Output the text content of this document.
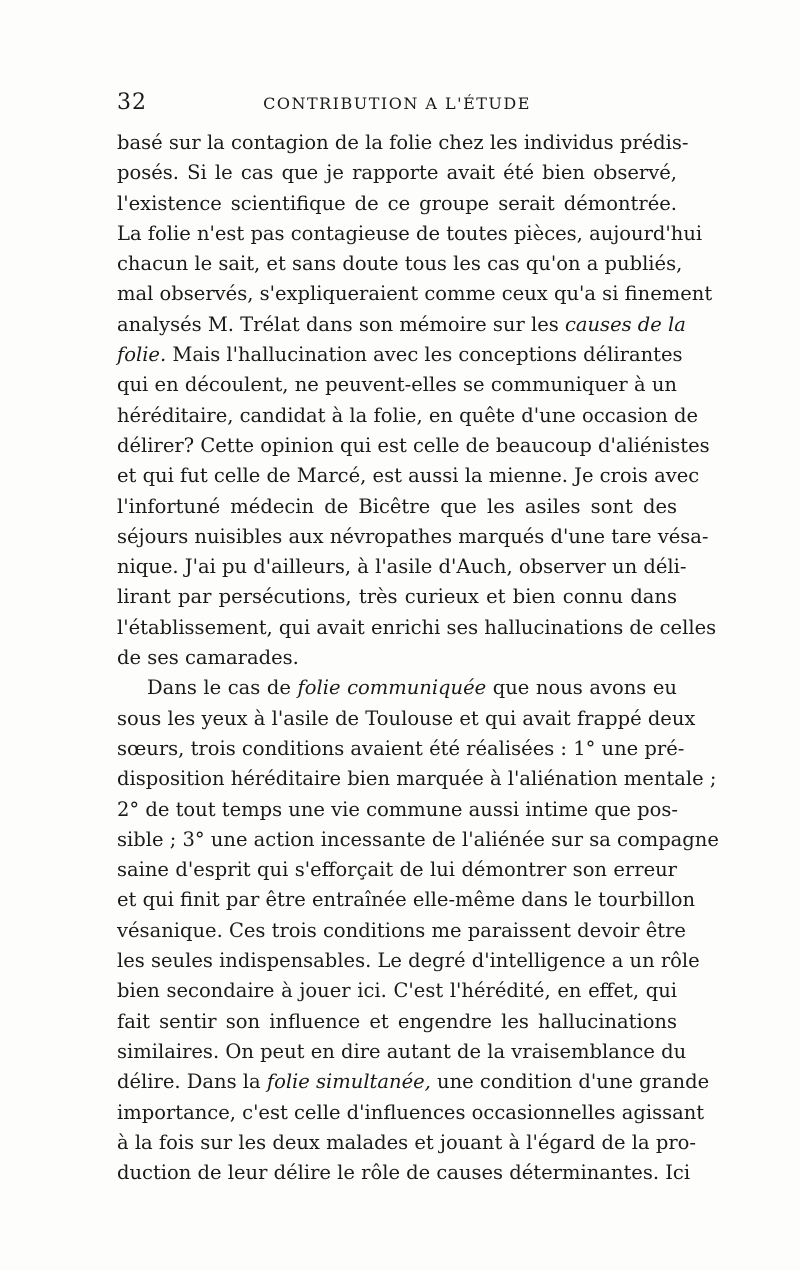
32	CONTRIBUTION A L'ÉTUDE
basé sur la contagion de la folie chez les individus prédis-
posés. Si le cas que je rapporte avait été bien observé,
l'existence scientifique de ce groupe serait démontrée.
La folie n'est pas contagieuse de toutes pièces, aujourd'hui
chacun le sait, et sans doute tous les cas qu'on a publiés,
mal observés, s'expliqueraient comme ceux qu'a si finement
analysés M. Trélat dans son mémoire sur les causes de la
folie. Mais l'hallucination avec les conceptions délirantes
qui en découlent, ne peuvent-elles se communiquer à un
héréditaire, candidat à la folie, en quête d'une occasion de
délirer? Cette opinion qui est celle de beaucoup d'aliénistes
et qui fut celle de Marcé, est aussi la mienne. Je crois avec
l'infortuné médecin de Bicêtre que les asiles sont des
séjours nuisibles aux névropathes marqués d'une tare vésa-
nique. J'ai pu d'ailleurs, à l'asile d'Auch, observer un déli-
lirant par persécutions, très curieux et bien connu dans
l'établissement, qui avait enrichi ses hallucinations de celles
de ses camarades.
Dans le cas de folie communiquée que nous avons eu
sous les yeux à l'asile de Toulouse et qui avait frappé deux
sœurs, trois conditions avaient été réalisées : 1° une pré-
disposition héréditaire bien marquée à l'aliénation mentale ;
2° de tout temps une vie commune aussi intime que pos-
sible ; 3° une action incessante de l'aliénée sur sa compagne
saine d'esprit qui s'efforçait de lui démontrer son erreur
et qui finit par être entraînée elle-même dans le tourbillon
vésanique. Ces trois conditions me paraissent devoir être
les seules indispensables. Le degré d'intelligence a un rôle
bien secondaire à jouer ici. C'est l'hérédité, en effet, qui
fait sentir son influence et engendre les hallucinations
similaires. On peut en dire autant de la vraisemblance du
délire. Dans la folie simultanée, une condition d'une grande
importance, c'est celle d'influences occasionnelles agissant
à la fois sur les deux malades et jouant à l'égard de la pro-
duction de leur délire le rôle de causes déterminantes. Ici
